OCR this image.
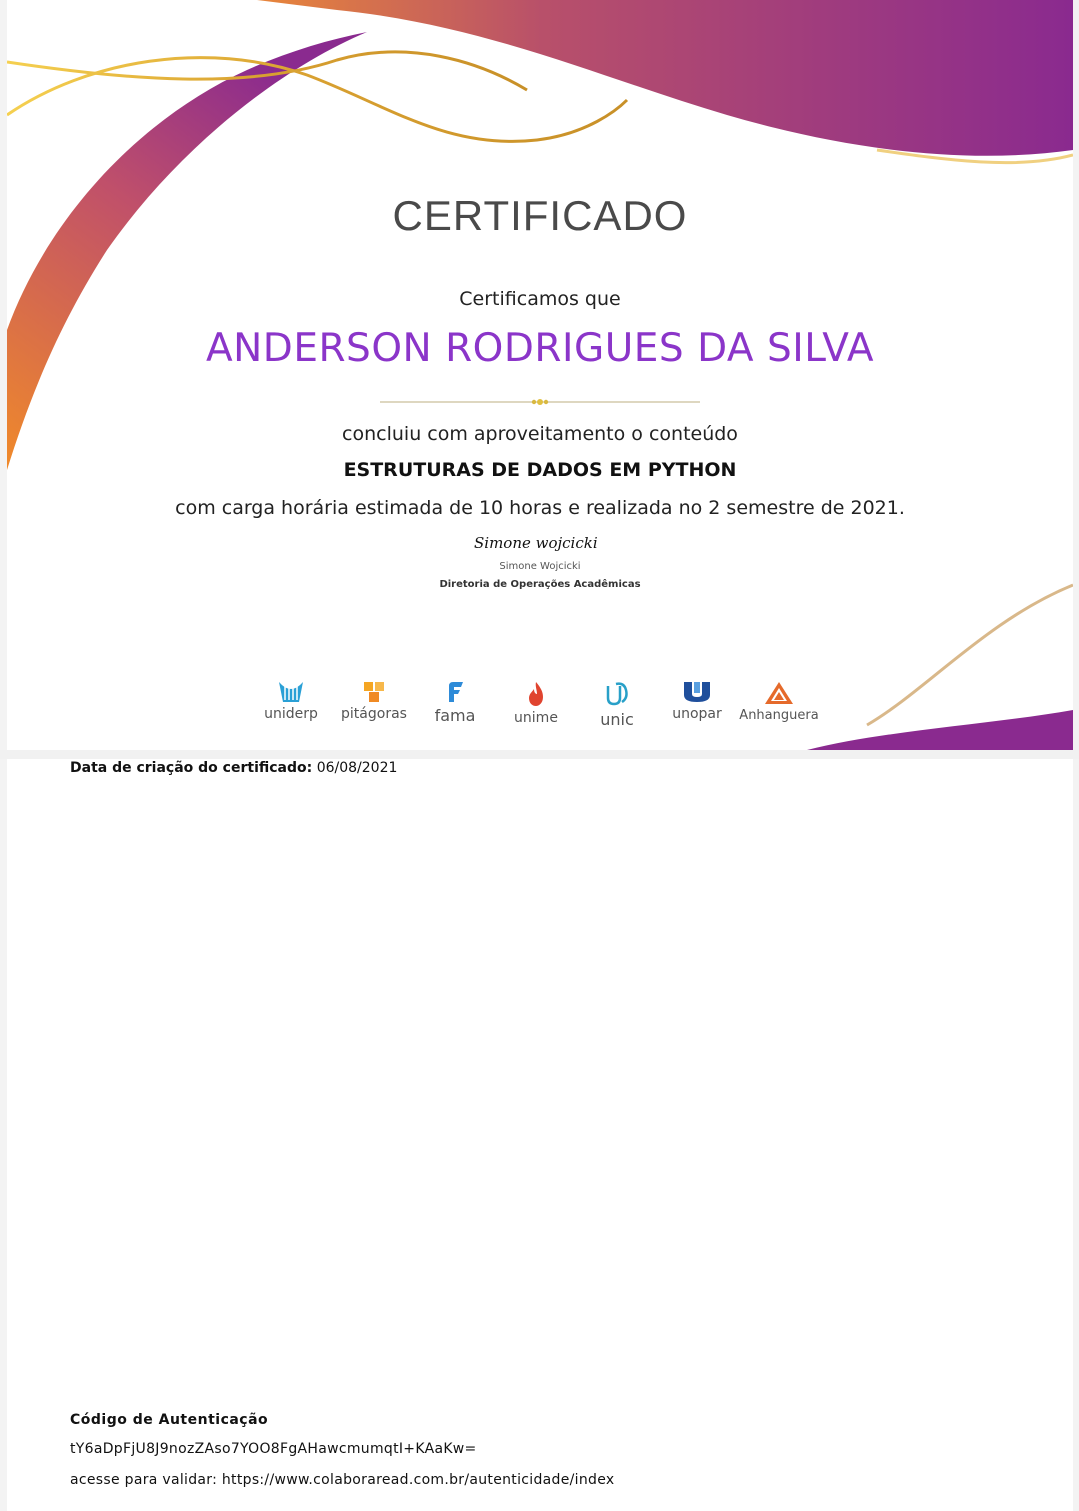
CERTIFICADO
Certificamos que
ANDERSON RODRIGUES DA SILVA
concluiu com aproveitamento o conteúdo
ESTRUTURAS DE DADOS EM PYTHON
com carga horária estimada de 10 horas e realizada no 2 semestre de 2021.
Simone wojcicki
Simone Wojcicki
Diretoria de Operações Acadêmicas
uniderp	pitágoras	fama	unime	unic	unopar	Anhanguera
Data de criação do certificado: 06/08/2021
Código de Autenticação
tY6aDpFjU8J9nozZAso7YOO8FgAHawcmumqtI+KAaKw=
acesse para validar: https://www.colaboraread.com.br/autenticidade/index
